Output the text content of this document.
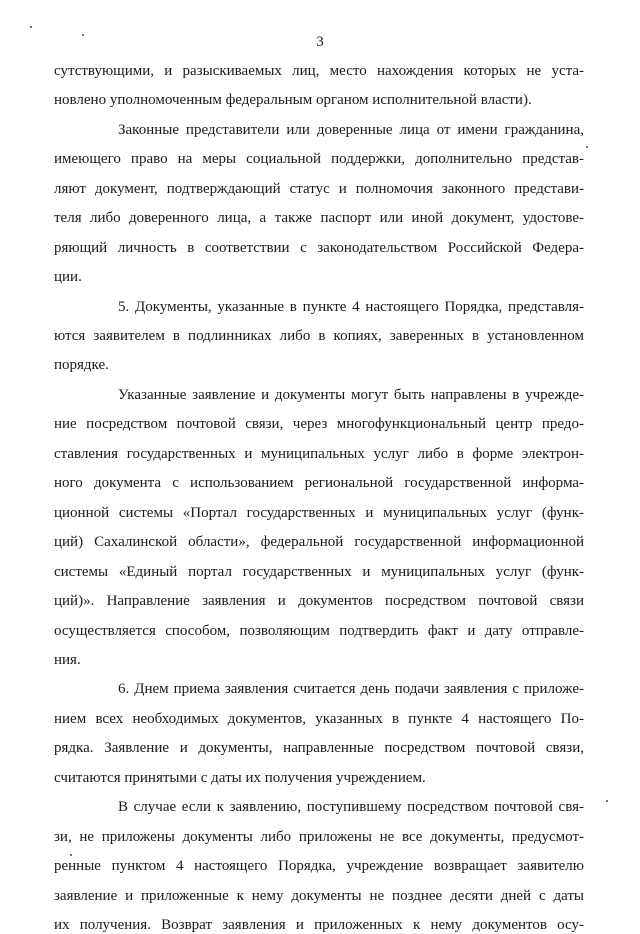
3
сутствующими, и разыскиваемых лиц, место нахождения которых не уста-
новлено уполномоченным федеральным органом исполнительной власти).
Законные представители или доверенные лица от имени гражданина,
имеющего право на меры социальной поддержки, дополнительно представ-
ляют документ, подтверждающий статус и полномочия законного представи-
теля либо доверенного лица, а также паспорт или иной документ, удостове-
ряющий личность в соответствии с законодательством Российской Федера-
ции.
5. Документы, указанные в пункте 4 настоящего Порядка, представля-
ются заявителем в подлинниках либо в копиях, заверенных в установленном
порядке.
Указанные заявление и документы могут быть направлены в учрежде-
ние посредством почтовой связи, через многофункциональный центр предо-
ставления государственных и муниципальных услуг либо в форме электрон-
ного документа с использованием региональной государственной информа-
ционной системы «Портал государственных и муниципальных услуг (функ-
ций) Сахалинской области», федеральной государственной информационной
системы «Единый портал государственных и муниципальных услуг (функ-
ций)». Направление заявления и документов посредством почтовой связи
осуществляется способом, позволяющим подтвердить факт и дату отправле-
ния.
6. Днем приема заявления считается день подачи заявления с приложе-
нием всех необходимых документов, указанных в пункте 4 настоящего По-
рядка. Заявление и документы, направленные посредством почтовой связи,
считаются принятыми с даты их получения учреждением.
В случае если к заявлению, поступившему посредством почтовой свя-
зи, не приложены документы либо приложены не все документы, предусмот-
ренные пунктом 4 настоящего Порядка, учреждение возвращает заявителю
заявление и приложенные к нему документы не позднее десяти дней с даты
их получения. Возврат заявления и приложенных к нему документов осу-
